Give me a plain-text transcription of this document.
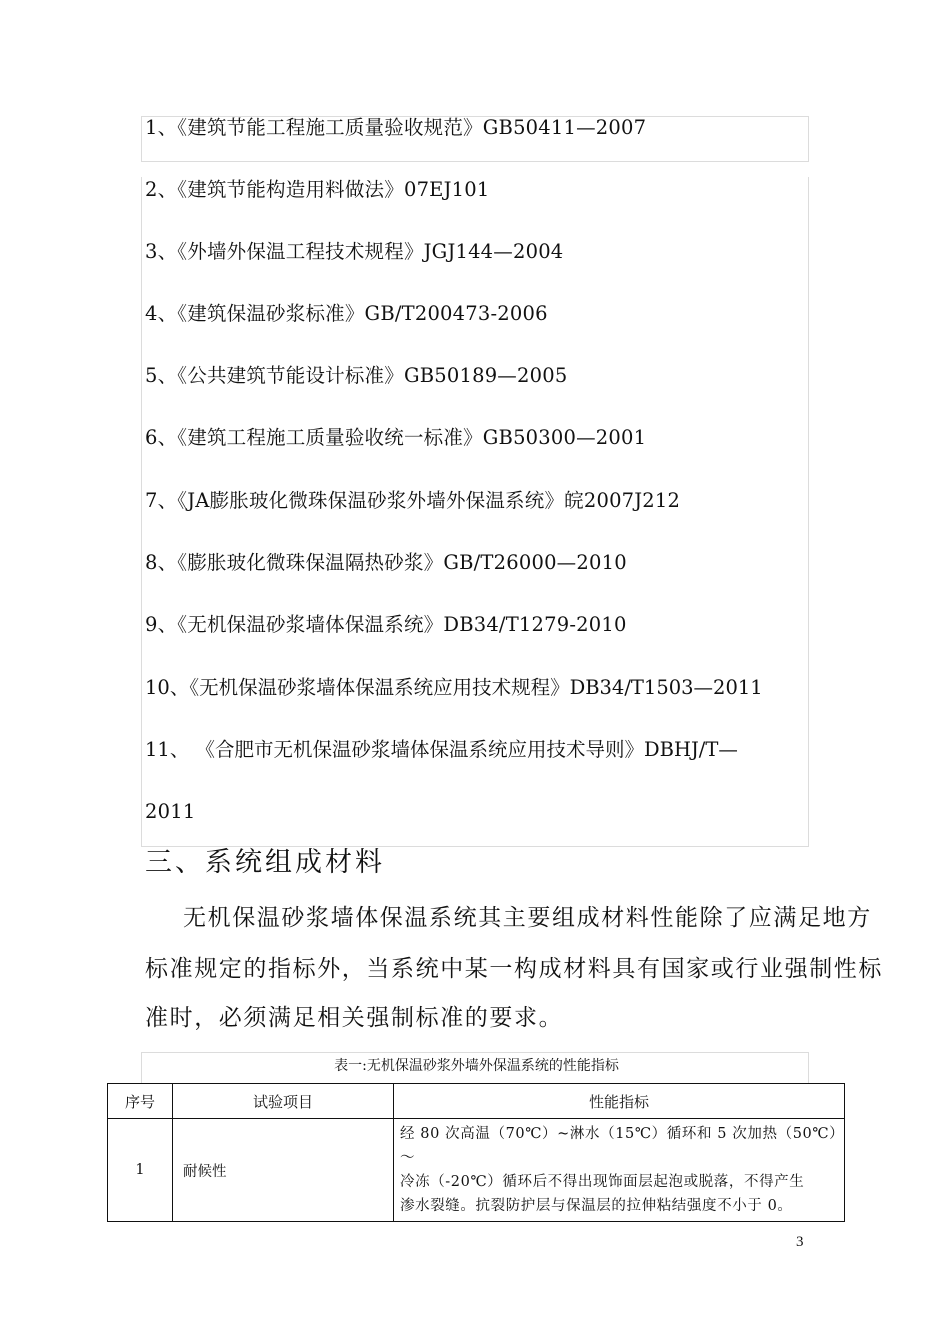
1、《建筑节能工程施工质量验收规范》GB50411—2007
2、《建筑节能构造用料做法》07EJ101
3、《外墙外保温工程技术规程》JGJ144—2004
4、《建筑保温砂浆标准》GB/T200473-2006
5、《公共建筑节能设计标准》GB50189—2005
6、《建筑工程施工质量验收统一标准》GB50300—2001
7、《JA膨胀玻化微珠保温砂浆外墙外保温系统》皖2007J212
8、《膨胀玻化微珠保温隔热砂浆》GB/T26000—2010
9、《无机保温砂浆墙体保温系统》DB34/T1279-2010
10、《无机保温砂浆墙体保温系统应用技术规程》DB34/T1503—2011
11、 《合肥市无机保温砂浆墙体保温系统应用技术导则》DBHJ/T—
2011
三、系统组成材料
无机保温砂浆墙体保温系统其主要组成材料性能除了应满足地方
标准规定的指标外，当系统中某一构成材料具有国家或行业强制性标
准时，必须满足相关强制标准的要求。
表一:无机保温砂浆外墙外保温系统的性能指标
序号	试验项目	性能指标
1	耐候性	经 80 次高温（70℃）~淋水（15℃）循环和 5 次加热（50℃）～
冷冻（-20℃）循环后不得出现饰面层起泡或脱落，不得产生
渗水裂缝。抗裂防护层与保温层的拉伸粘结强度不小于 0。
3
